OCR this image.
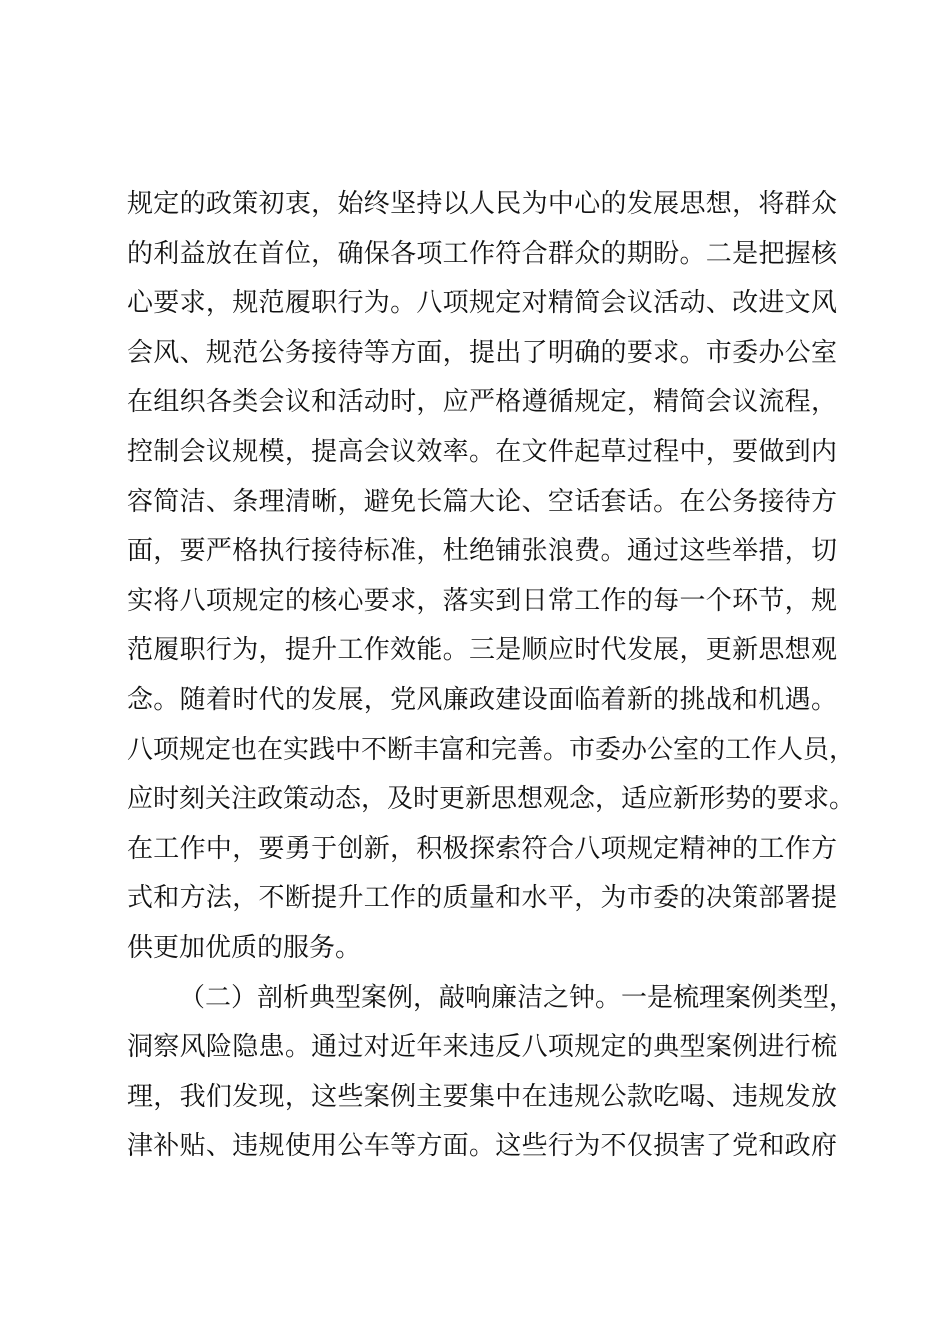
规定的政策初衷，始终坚持以人民为中心的发展思想，将群众
的利益放在首位，确保各项工作符合群众的期盼。二是把握核
心要求，规范履职行为。八项规定对精简会议活动、改进文风
会风、规范公务接待等方面，提出了明确的要求。市委办公室
在组织各类会议和活动时，应严格遵循规定，精简会议流程，
控制会议规模，提高会议效率。在文件起草过程中，要做到内
容简洁、条理清晰，避免长篇大论、空话套话。在公务接待方
面，要严格执行接待标准，杜绝铺张浪费。通过这些举措，切
实将八项规定的核心要求，落实到日常工作的每一个环节，规
范履职行为，提升工作效能。三是顺应时代发展，更新思想观
念。随着时代的发展，党风廉政建设面临着新的挑战和机遇。
八项规定也在实践中不断丰富和完善。市委办公室的工作人员，
应时刻关注政策动态，及时更新思想观念，适应新形势的要求。
在工作中，要勇于创新，积极探索符合八项规定精神的工作方
式和方法，不断提升工作的质量和水平，为市委的决策部署提
供更加优质的服务。
（二）剖析典型案例，敲响廉洁之钟。一是梳理案例类型，
洞察风险隐患。通过对近年来违反八项规定的典型案例进行梳
理，我们发现，这些案例主要集中在违规公款吃喝、违规发放
津补贴、违规使用公车等方面。这些行为不仅损害了党和政府
